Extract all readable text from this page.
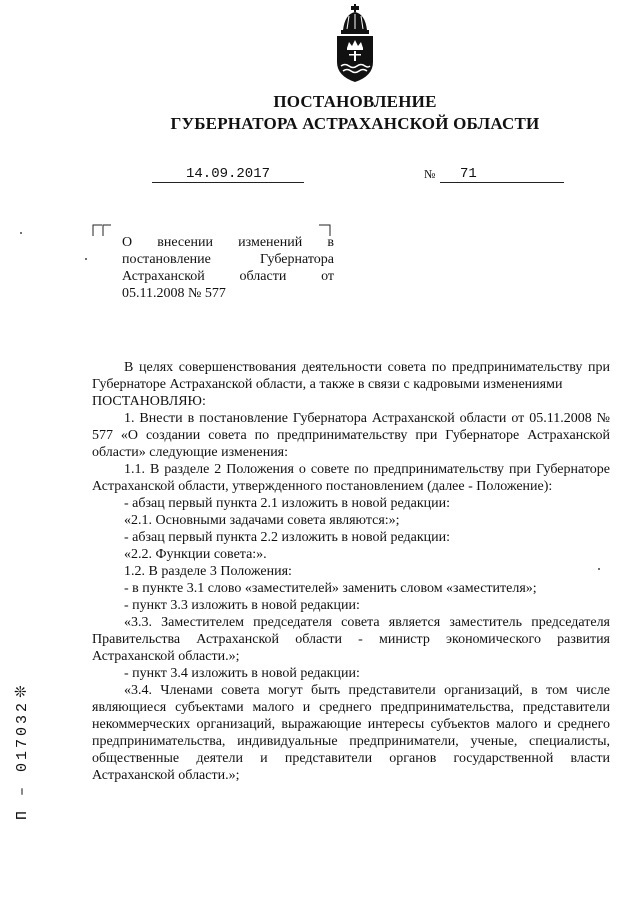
ПОСТАНОВЛЕНИЕ
ГУБЕРНАТОРА АСТРАХАНСКОЙ ОБЛАСТИ
14.09.2017	№	71
О внесении изменений в постановление Губернатора Астраханской области от 05.11.2008 № 577

В целях совершенствования деятельности совета по предпринимательству при Губернаторе Астраханской области, а также в связи с кадровыми изменениями

ПОСТАНОВЛЯЮ:

1. Внести в постановление Губернатора Астраханской области от 05.11.2008 № 577 «О создании совета по предпринимательству при Губернаторе Астраханской области» следующие изменения:

1.1. В разделе 2 Положения о совете по предпринимательству при Губернаторе Астраханской области, утвержденного постановлением (далее - Положение):

- абзац первый пункта 2.1 изложить в новой редакции:

«2.1. Основными задачами совета являются:»;

- абзац первый пункта 2.2 изложить в новой редакции:

«2.2. Функции совета:».

1.2. В разделе 3 Положения:

- в пункте 3.1 слово «заместителей» заменить словом «заместителя»;

- пункт 3.3 изложить в новой редакции:

«3.3. Заместителем председателя совета является заместитель председателя Правительства Астраханской области - министр экономического развития Астраханской области.»;

- пункт 3.4 изложить в новой редакции:

«3.4. Членами совета могут быть представители организаций, в том числе являющиеся субъектами малого и среднего предпринимательства, представители некоммерческих организаций, выражающие интересы субъектов малого и среднего предпринимательства, индивидуальные предприниматели, ученые, специалисты, общественные деятели и представители органов государственной власти Астраханской области.»;

❊
П – 017032
